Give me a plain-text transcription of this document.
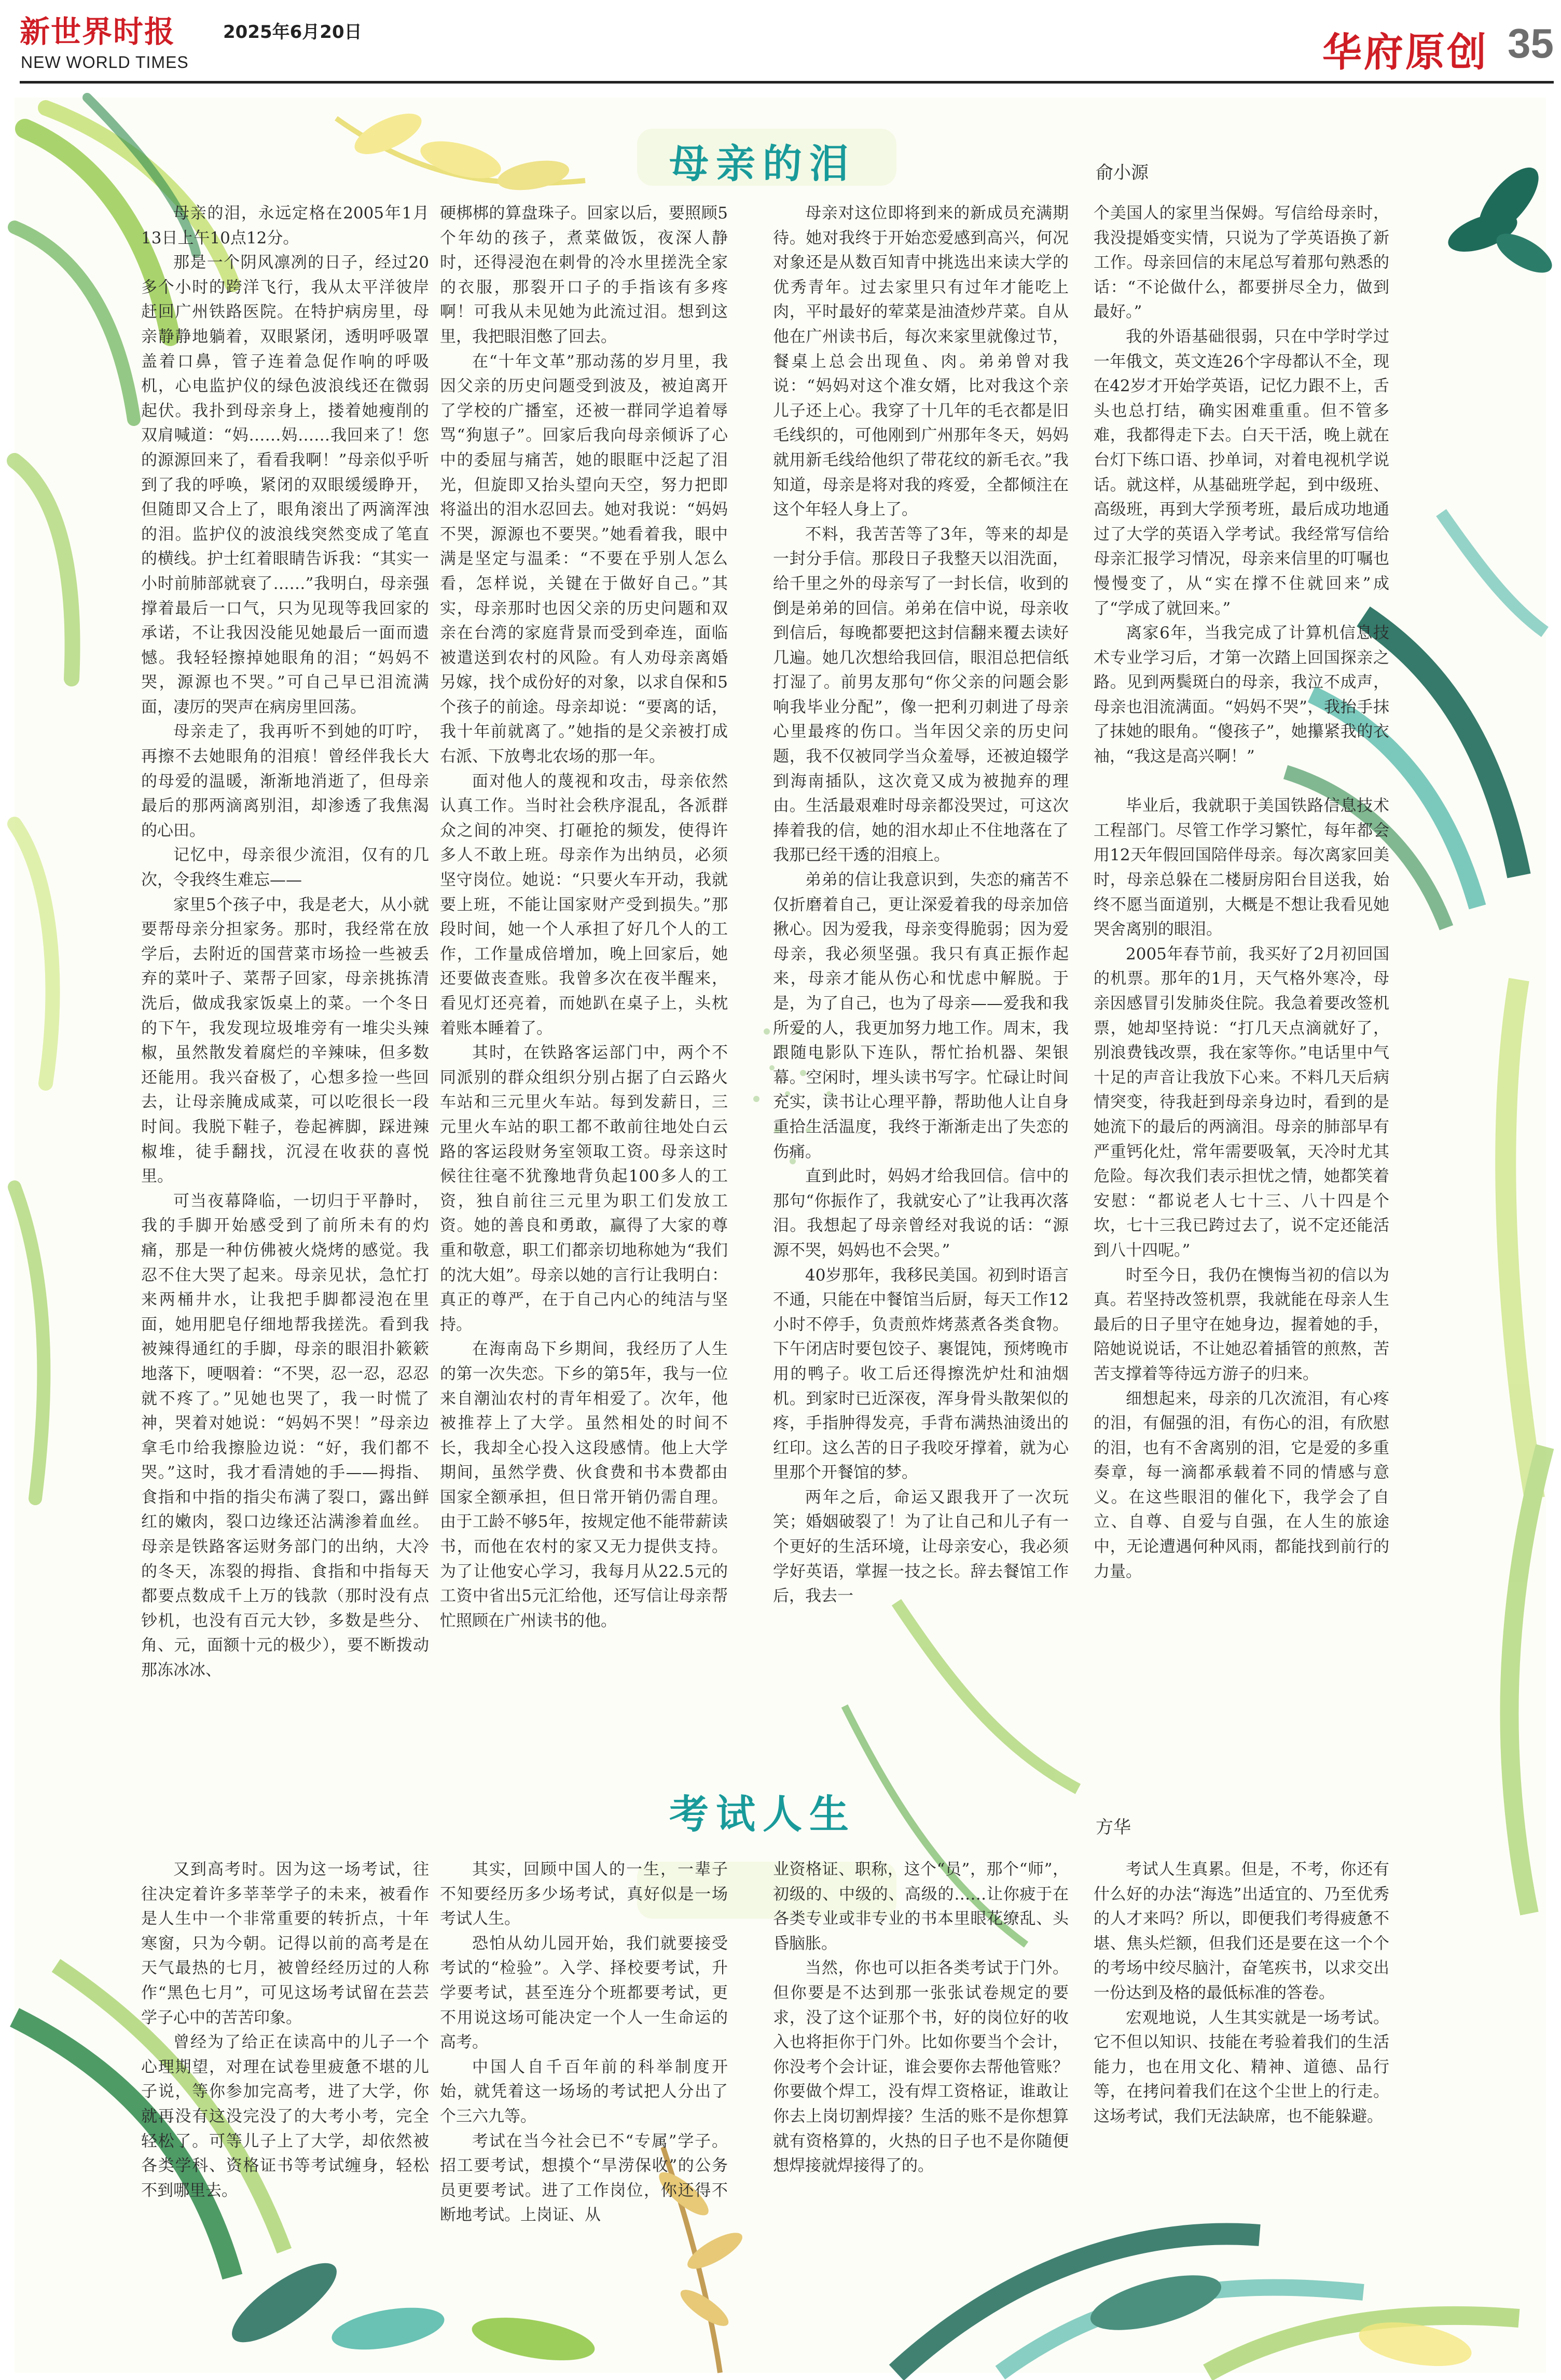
新世界时报	2025年6月20日
NEW WORLD TIMES	华府原创 35
母亲的泪	俞小源

母亲的泪，永远定格在2005年1月13日上午10点12分。

那是一个阴风凛冽的日子，经过20多个小时的跨洋飞行，我从太平洋彼岸赶回广州铁路医院。在特护病房里，母亲静静地躺着，双眼紧闭，透明呼吸罩盖着口鼻，管子连着急促作响的呼吸机，心电监护仪的绿色波浪线还在微弱起伏。我扑到母亲身上，搂着她瘦削的双肩喊道：“妈……妈……我回来了！您的源源回来了，看看我啊！”母亲似乎听到了我的呼唤，紧闭的双眼缓缓睁开，但随即又合上了，眼角滚出了两滴浑浊的泪。监护仪的波浪线突然变成了笔直的横线。护士红着眼睛告诉我：“其实一小时前肺部就衰了……”我明白，母亲强撑着最后一口气，只为见现等我回家的承诺，不让我因没能见她最后一面而遗憾。我轻轻擦掉她眼角的泪；“妈妈不哭，源源也不哭。”可自己早已泪流满面，凄厉的哭声在病房里回荡。

母亲走了，我再听不到她的叮咛，再擦不去她眼角的泪痕！曾经伴我长大的母爱的温暖，渐渐地消逝了，但母亲最后的那两滴离别泪，却渗透了我焦渴的心田。

记忆中，母亲很少流泪，仅有的几次，令我终生难忘——

家里5个孩子中，我是老大，从小就要帮母亲分担家务。那时，我经常在放学后，去附近的国营菜市场捡一些被丢弃的菜叶子、菜帮子回家，母亲挑拣清洗后，做成我家饭桌上的菜。一个冬日的下午，我发现垃圾堆旁有一堆尖头辣椒，虽然散发着腐烂的辛辣味，但多数还能用。我兴奋极了，心想多捡一些回去，让母亲腌成咸菜，可以吃很长一段时间。我脱下鞋子，卷起裤脚，踩进辣椒堆，徒手翻找，沉浸在收获的喜悦里。

可当夜幕降临，一切归于平静时，我的手脚开始感受到了前所未有的灼痛，那是一种仿佛被火烧烤的感觉。我忍不住大哭了起来。母亲见状，急忙打来两桶井水，让我把手脚都浸泡在里面，她用肥皂仔细地帮我搓洗。看到我被辣得通红的手脚，母亲的眼泪扑簌簌地落下，哽咽着：“不哭，忍一忍，忍忍就不疼了。”见她也哭了，我一时慌了神，哭着对她说：“妈妈不哭！”母亲边拿毛巾给我擦脸边说：“好，我们都不哭。”这时，我才看清她的手——拇指、食指和中指的指尖布满了裂口，露出鲜红的嫩肉，裂口边缘还沾满渗着血丝。母亲是铁路客运财务部门的出纳，大冷的冬天，冻裂的拇指、食指和中指每天都要点数成千上万的钱款（那时没有点钞机，也没有百元大钞，多数是些分、角、元，面额十元的极少），要不断拨动那冻冰冰、

硬梆梆的算盘珠子。回家以后，要照顾5个年幼的孩子，煮菜做饭，夜深人静时，还得浸泡在刺骨的冷水里搓洗全家的衣服，那裂开口子的手指该有多疼啊！可我从未见她为此流过泪。想到这里，我把眼泪憋了回去。

在“十年文革”那动荡的岁月里，我因父亲的历史问题受到波及，被迫离开了学校的广播室，还被一群同学追着辱骂“狗崽子”。回家后我向母亲倾诉了心中的委屈与痛苦，她的眼眶中泛起了泪光，但旋即又抬头望向天空，努力把即将溢出的泪水忍回去。她对我说：“妈妈不哭，源源也不要哭。”她看着我，眼中满是坚定与温柔：“不要在乎别人怎么看，怎样说，关键在于做好自己。”其实，母亲那时也因父亲的历史问题和双亲在台湾的家庭背景而受到牵连，面临被遣送到农村的风险。有人劝母亲离婚另嫁，找个成份好的对象，以求自保和5个孩子的前途。母亲却说：“要离的话，我十年前就离了。”她指的是父亲被打成右派、下放粤北农场的那一年。

面对他人的蔑视和攻击，母亲依然认真工作。当时社会秩序混乱，各派群众之间的冲突、打砸抢的频发，使得许多人不敢上班。母亲作为出纳员，必须坚守岗位。她说：“只要火车开动，我就要上班，不能让国家财产受到损失。”那段时间，她一个人承担了好几个人的工作，工作量成倍增加，晚上回家后，她还要做丧查账。我曾多次在夜半醒来，看见灯还亮着，而她趴在桌子上，头枕着账本睡着了。

其时，在铁路客运部门中，两个不同派别的群众组织分别占据了白云路火车站和三元里火车站。每到发薪日，三元里火车站的职工都不敢前往地处白云路的客运段财务室领取工资。母亲这时候往往毫不犹豫地背负起100多人的工资，独自前往三元里为职工们发放工资。她的善良和勇敢，赢得了大家的尊重和敬意，职工们都亲切地称她为“我们的沈大姐”。母亲以她的言行让我明白：真正的尊严，在于自己内心的纯洁与坚持。

在海南岛下乡期间，我经历了人生的第一次失恋。下乡的第5年，我与一位来自潮汕农村的青年相爱了。次年，他被推荐上了大学。虽然相处的时间不长，我却全心投入这段感情。他上大学期间，虽然学费、伙食费和书本费都由国家全额承担，但日常开销仍需自理。由于工龄不够5年，按规定他不能带薪读书，而他在农村的家又无力提供支持。为了让他安心学习，我每月从22.5元的工资中省出5元汇给他，还写信让母亲帮忙照顾在广州读书的他。

母亲对这位即将到来的新成员充满期待。她对我终于开始恋爱感到高兴，何况对象还是从数百知青中挑选出来读大学的优秀青年。过去家里只有过年才能吃上肉，平时最好的荤菜是油渣炒芹菜。自从他在广州读书后，每次来家里就像过节，餐桌上总会出现鱼、肉。弟弟曾对我说：“妈妈对这个准女婿，比对我这个亲儿子还上心。我穿了十几年的毛衣都是旧毛线织的，可他刚到广州那年冬天，妈妈就用新毛线给他织了带花纹的新毛衣。”我知道，母亲是将对我的疼爱，全都倾注在这个年轻人身上了。

不料，我苦苦等了3年，等来的却是一封分手信。那段日子我整天以泪洗面，给千里之外的母亲写了一封长信，收到的倒是弟弟的回信。弟弟在信中说，母亲收到信后，每晚都要把这封信翻来覆去读好几遍。她几次想给我回信，眼泪总把信纸打湿了。前男友那句“你父亲的问题会影响我毕业分配”，像一把利刃刺进了母亲心里最疼的伤口。当年因父亲的历史问题，我不仅被同学当众羞辱，还被迫辍学到海南插队，这次竟又成为被抛弃的理由。生活最艰难时母亲都没哭过，可这次捧着我的信，她的泪水却止不住地落在了我那已经干透的泪痕上。

弟弟的信让我意识到，失恋的痛苦不仅折磨着自己，更让深爱着我的母亲加倍揪心。因为爱我，母亲变得脆弱；因为爱母亲，我必须坚强。我只有真正振作起来，母亲才能从伤心和忧虑中解脱。于是，为了自己，也为了母亲——爱我和我所爱的人，我更加努力地工作。周末，我跟随电影队下连队，帮忙抬机器、架银幕。空闲时，埋头读书写字。忙碌让时间充实，读书让心理平静，帮助他人让自身重拾生活温度，我终于渐渐走出了失恋的伤痛。

直到此时，妈妈才给我回信。信中的那句“你振作了，我就安心了”让我再次落泪。我想起了母亲曾经对我说的话：“源源不哭，妈妈也不会哭。”

40岁那年，我移民美国。初到时语言不通，只能在中餐馆当后厨，每天工作12小时不停手，负责煎炸烤蒸煮各类食物。下午闭店时要包饺子、裹馄饨，预烤晚市用的鸭子。收工后还得擦洗炉灶和油烟机。到家时已近深夜，浑身骨头散架似的疼，手指肿得发亮，手背布满热油烫出的红印。这么苦的日子我咬牙撑着，就为心里那个开餐馆的梦。

两年之后，命运又跟我开了一次玩笑；婚姻破裂了！为了让自己和儿子有一个更好的生活环境，让母亲安心，我必须学好英语，掌握一技之长。辞去餐馆工作后，我去一

个美国人的家里当保姆。写信给母亲时，我没提婚变实情，只说为了学英语换了新工作。母亲回信的末尾总写着那句熟悉的话：“不论做什么，都要拼尽全力，做到最好。”

我的外语基础很弱，只在中学时学过一年俄文，英文连26个字母都认不全，现在42岁才开始学英语，记忆力跟不上，舌头也总打结，确实困难重重。但不管多难，我都得走下去。白天干活，晚上就在台灯下练口语、抄单词，对着电视机学说话。就这样，从基础班学起，到中级班、高级班，再到大学预考班，最后成功地通过了大学的英语入学考试。我经常写信给母亲汇报学习情况，母亲来信里的叮嘱也慢慢变了，从“实在撑不住就回来”成了“学成了就回来。”

离家6年，当我完成了计算机信息技术专业学习后，才第一次踏上回国探亲之路。见到两鬓斑白的母亲，我泣不成声，母亲也泪流满面。“妈妈不哭”，我抬手抹了抹她的眼角。“傻孩子”，她攥紧我的衣袖，“我这是高兴啊！”

毕业后，我就职于美国铁路信息技术工程部门。尽管工作学习繁忙，每年都会用12天年假回国陪伴母亲。每次离家回美时，母亲总躲在二楼厨房阳台目送我，始终不愿当面道别，大概是不想让我看见她哭舍离别的眼泪。

2005年春节前，我买好了2月初回国的机票。那年的1月，天气格外寒冷，母亲因感冒引发肺炎住院。我急着要改签机票，她却坚持说：“打几天点滴就好了，别浪费钱改票，我在家等你。”电话里中气十足的声音让我放下心来。不料几天后病情突变，待我赶到母亲身边时，看到的是她流下的最后的两滴泪。母亲的肺部早有严重钙化灶，常年需要吸氧，天冷时尤其危险。每次我们表示担忧之情，她都笑着安慰：“都说老人七十三、八十四是个坎，七十三我已跨过去了，说不定还能活到八十四呢。”

时至今日，我仍在懊悔当初的信以为真。若坚持改签机票，我就能在母亲人生最后的日子里守在她身边，握着她的手，陪她说说话，不让她忍着插管的煎熬，苦苦支撑着等待远方游子的归来。

细想起来，母亲的几次流泪，有心疼的泪，有倔强的泪，有伤心的泪，有欣慰的泪，也有不舍离别的泪，它是爱的多重奏章，每一滴都承载着不同的情感与意义。在这些眼泪的催化下，我学会了自立、自尊、自爱与自强，在人生的旅途中，无论遭遇何种风雨，都能找到前行的力量。

考试人生	方华

又到高考时。因为这一场考试，往往决定着许多莘莘学子的未来，被看作是人生中一个非常重要的转折点，十年寒窗，只为今朝。记得以前的高考是在天气最热的七月，被曾经经历过的人称作“黑色七月”，可见这场考试留在芸芸学子心中的苦苦印象。

曾经为了给正在读高中的儿子一个心理期望，对理在试卷里疲惫不堪的儿子说，等你参加完高考，进了大学，你就再没有这没完没了的大考小考，完全轻松了。可等儿子上了大学，却依然被各类学科、资格证书等考试缠身，轻松不到哪里去。

其实，回顾中国人的一生，一辈子不知要经历多少场考试，真好似是一场考试人生。

恐怕从幼儿园开始，我们就要接受考试的“检验”。入学、择校要考试，升学要考试，甚至连分个班都要考试，更不用说这场可能决定一个人一生命运的高考。

中国人自千百年前的科举制度开始，就凭着这一场场的考试把人分出了个三六九等。

考试在当今社会已不“专属”学子。招工要考试，想摸个“旱涝保收”的公务员更要考试。进了工作岗位，你还得不断地考试。上岗证、从

业资格证、职称，这个“员”，那个“师”，初级的、中级的、高级的……让你疲于在各类专业或非专业的书本里眼花缭乱、头昏脑胀。

当然，你也可以拒各类考试于门外。但你要是不达到那一张张试卷规定的要求，没了这个证那个书，好的岗位好的收入也将拒你于门外。比如你要当个会计，你没考个会计证，谁会要你去帮他管账？你要做个焊工，没有焊工资格证，谁敢让你去上岗切割焊接？生活的账不是你想算就有资格算的，火热的日子也不是你随便想焊接就焊接得了的。

考试人生真累。但是，不考，你还有什么好的办法“海选”出适宜的、乃至优秀的人才来吗？所以，即便我们考得疲惫不堪、焦头烂额，但我们还是要在这一个个的考场中绞尽脑汁，奋笔疾书，以求交出一份达到及格的最低标准的答卷。

宏观地说，人生其实就是一场考试。它不但以知识、技能在考验着我们的生活能力，也在用文化、精神、道德、品行等，在拷问着我们在这个尘世上的行走。这场考试，我们无法缺席，也不能躲避。
